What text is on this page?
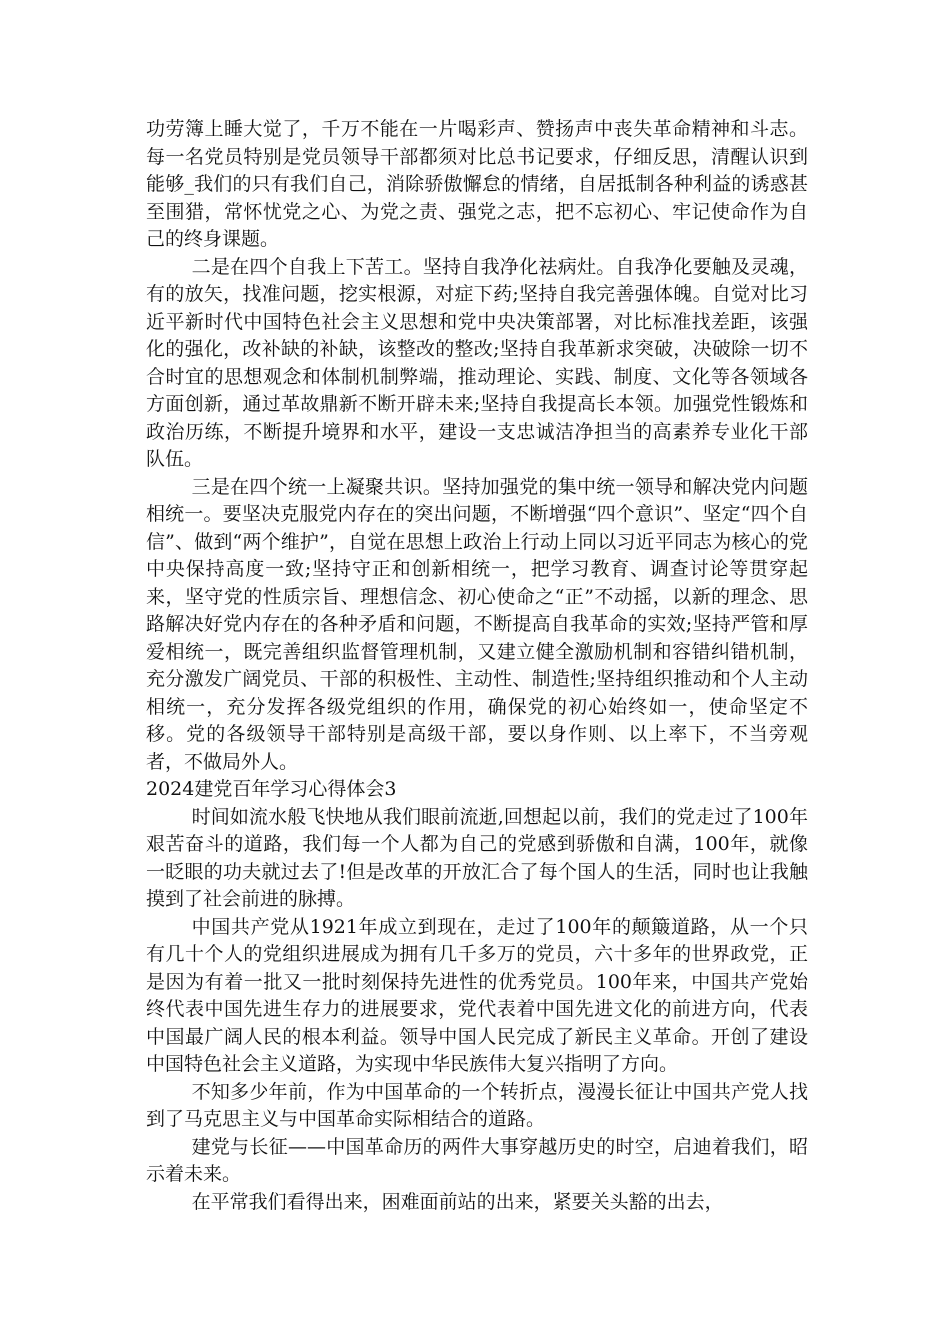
功劳簿上睡大觉了，千万不能在一片喝彩声、赞扬声中丧失革命精神和斗志。每一名党员特别是党员领导干部都须对比总书记要求，仔细反思，清醒认识到能够_我们的只有我们自己，消除骄傲懈怠的情绪，自居抵制各种利益的诱惑甚至围猎，常怀忧党之心、为党之责、强党之志，把不忘初心、牢记使命作为自己的终身课题。

二是在四个自我上下苦工。坚持自我净化祛病灶。自我净化要触及灵魂，有的放矢，找准问题，挖实根源，对症下药;坚持自我完善强体魄。自觉对比习近平新时代中国特色社会主义思想和党中央决策部署，对比标准找差距，该强化的强化，改补缺的补缺，该整改的整改;坚持自我革新求突破，决破除一切不合时宜的思想观念和体制机制弊端，推动理论、实践、制度、文化等各领域各方面创新，通过革故鼎新不断开辟未来;坚持自我提高长本领。加强党性锻炼和政治历练，不断提升境界和水平，建设一支忠诚洁净担当的高素养专业化干部队伍。

三是在四个统一上凝聚共识。坚持加强党的集中统一领导和解决党内问题相统一。要坚决克服党内存在的突出问题，不断增强“四个意识”、坚定“四个自信”、做到“两个维护”，自觉在思想上政治上行动上同以习近平同志为核心的党中央保持高度一致;坚持守正和创新相统一，把学习教育、调查讨论等贯穿起来，坚守党的性质宗旨、理想信念、初心使命之“正”不动摇，以新的理念、思路解决好党内存在的各种矛盾和问题，不断提高自我革命的实效;坚持严管和厚爱相统一，既完善组织监督管理机制，又建立健全激励机制和容错纠错机制，充分激发广阔党员、干部的积极性、主动性、制造性;坚持组织推动和个人主动相统一，充分发挥各级党组织的作用，确保党的初心始终如一，使命坚定不移。党的各级领导干部特别是高级干部，要以身作则、以上率下，不当旁观者，不做局外人。

2024建党百年学习心得体会3

时间如流水般飞快地从我们眼前流逝,回想起以前，我们的党走过了100年艰苦奋斗的道路，我们每一个人都为自己的党感到骄傲和自满，100年，就像一眨眼的功夫就过去了!但是改革的开放汇合了每个国人的生活，同时也让我触摸到了社会前进的脉搏。

中国共产党从1921年成立到现在，走过了100年的颠簸道路，从一个只有几十个人的党组织进展成为拥有几千多万的党员，六十多年的世界政党，正是因为有着一批又一批时刻保持先进性的优秀党员。100年来，中国共产党始终代表中国先进生存力的进展要求，党代表着中国先进文化的前进方向，代表中国最广阔人民的根本利益。领导中国人民完成了新民主义革命。开创了建设中国特色社会主义道路，为实现中华民族伟大复兴指明了方向。

不知多少年前，作为中国革命的一个转折点，漫漫长征让中国共产党人找到了马克思主义与中国革命实际相结合的道路。

建党与长征——中国革命历的两件大事穿越历史的时空，启迪着我们，昭示着未来。

在平常我们看得出来，困难面前站的出来，紧要关头豁的出去，
